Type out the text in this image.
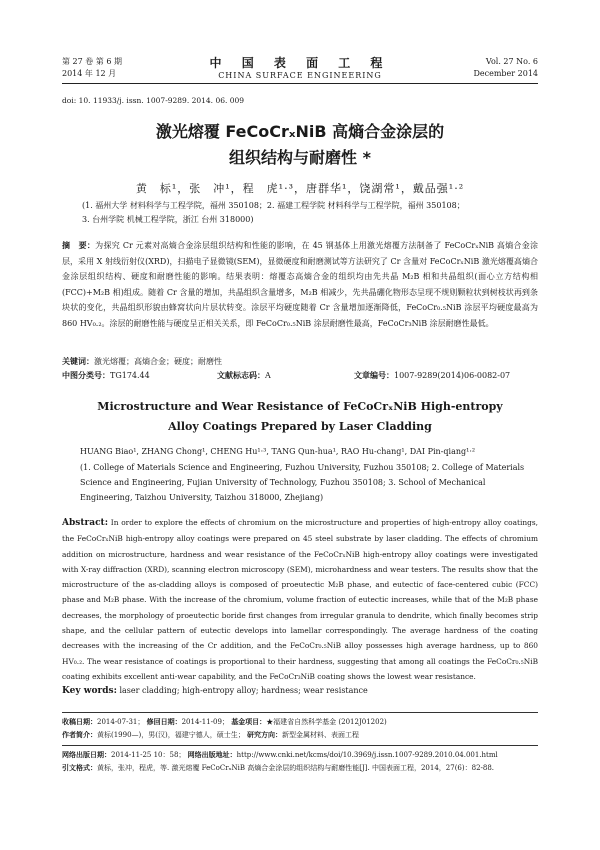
第 27 卷 第 6 期
2014 年 12 月
中 国 表 面 工 程
CHINA SURFACE ENGINEERING
Vol. 27 No. 6
December 2014
doi: 10. 11933/j. issn. 1007-9289. 2014. 06. 009
激光熔覆 FeCoCrₓNiB 高熵合金涂层的
组织结构与耐磨性 *
黄　标¹，张　冲¹，程　虎¹·³，唐群华¹，饶湖常¹，戴品强¹·²
(1. 福州大学 材料科学与工程学院，福州 350108；2. 福建工程学院 材料科学与工程学院，福州 350108；
3. 台州学院 机械工程学院，浙江 台州 318000)
摘　要：为探究 Cr 元素对高熵合金涂层组织结构和性能的影响，在 45 钢基体上用激光熔覆方法制备了 FeCoCrₓNiB 高熵合金涂层，采用 X 射线衍射仪(XRD)，扫描电子显微镜(SEM)，显微硬度和耐磨测试等方法研究了 Cr 含量对 FeCoCrₓNiB 激光熔覆高熵合金涂层组织结构、硬度和耐磨性能的影响。结果表明：熔覆态高熵合金的组织均由先共晶 M₂B 相和共晶组织(面心立方结构相(FCC)+M₂B 相)组成。随着 Cr 含量的增加，共晶组织含量增多，M₂B 相减少，先共晶硼化物形态呈现不规则颗粒状到树枝状再到条块状的变化，共晶组织形貌由蜂窝状向片层状转变。涂层平均硬度随着 Cr 含量增加逐渐降低，FeCoCr₀.₅NiB 涂层平均硬度最高为 860 HV₀.₂。涂层的耐磨性能与硬度呈正相关关系，即 FeCoCr₀.₅NiB 涂层耐磨性最高，FeCoCr₃NiB 涂层耐磨性最低。
关键词：激光熔覆；高熵合金；硬度；耐磨性
中图分类号：TG174.44	文献标志码：A	文章编号：1007-9289(2014)06-0082-07
Microstructure and Wear Resistance of FeCoCrₓNiB High-entropy
Alloy Coatings Prepared by Laser Cladding
HUANG Biao¹, ZHANG Chong¹, CHENG Hu¹·³, TANG Qun-hua¹, RAO Hu-chang¹, DAI Pin-qiang¹·²
(1. College of Materials Science and Engineering, Fuzhou University, Fuzhou 350108; 2. College of Materials Science and Engineering, Fujian University of Technology, Fuzhou 350108; 3. School of Mechanical Engineering, Taizhou University, Taizhou 318000, Zhejiang)
Abstract: In order to explore the effects of chromium on the microstructure and properties of high-entropy alloy coatings, the FeCoCrₓNiB high-entropy alloy coatings were prepared on 45 steel substrate by laser cladding. The effects of chromium addition on microstructure, hardness and wear resistance of the FeCoCrₓNiB high-entropy alloy coatings were investigated with X-ray diffraction (XRD), scanning electron microscopy (SEM), microhardness and wear testers. The results show that the microstructure of the as-cladding alloys is composed of proeutectic M₂B phase, and eutectic of face-centered cubic (FCC) phase and M₂B phase. With the increase of the chromium, volume fraction of eutectic increases, while that of the M₂B phase decreases, the morphology of proeutectic boride first changes from irregular granula to dendrite, which finally becomes strip shape, and the cellular pattern of eutectic develops into lamellar correspondingly. The average hardness of the coating decreases with the increasing of the Cr addition, and the FeCoCr₀.₅NiB alloy possesses high average hardness, up to 860 HV₀.₂. The wear resistance of coatings is proportional to their hardness, suggesting that among all coatings the FeCoCr₀.₅NiB coating exhibits excellent anti-wear capability, and the FeCoCr₃NiB coating shows the lowest wear resistance.
Key words: laser cladding; high-entropy alloy; hardness; wear resistance
收稿日期：2014-07-31； 修回日期：2014-11-09； 基金项目：★福建省自然科学基金 (2012J01202)
作者简介：黄标(1990—)，男(汉)，福建宁德人，硕士生； 研究方向：新型金属材料、表面工程
网络出版日期：2014-11-25 10：58； 网络出版地址：http://www.cnki.net/kcms/doi/10.3969/j.issn.1007-9289.2010.04.001.html
引文格式：黄标，张冲，程虎，等. 激光熔覆 FeCoCrₓNiB 高熵合金涂层的组织结构与耐磨性能[J]. 中国表面工程，2014，27(6)：82-88.
